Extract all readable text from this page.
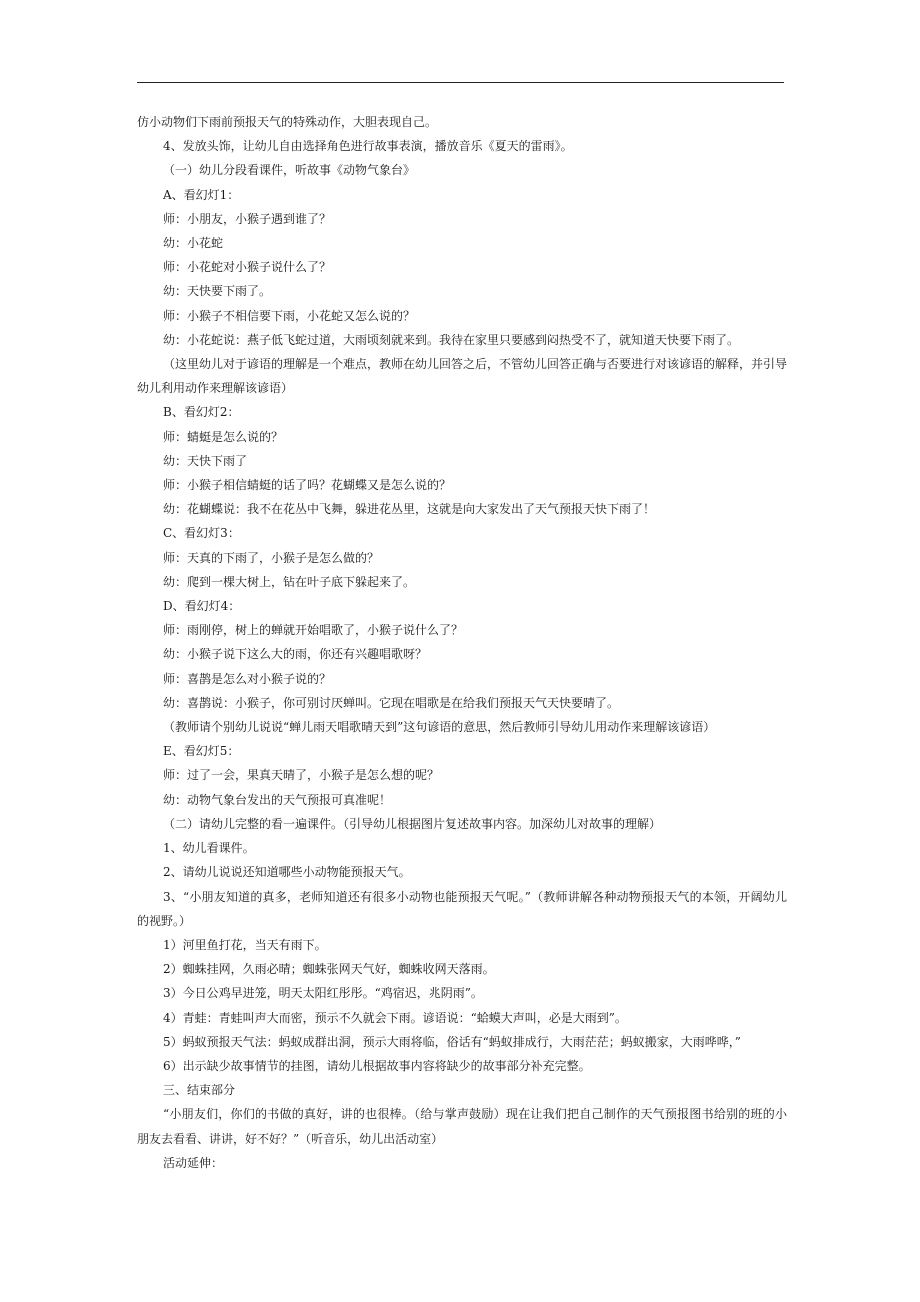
仿小动物们下雨前预报天气的特殊动作，大胆表现自己。
4、发放头饰，让幼儿自由选择角色进行故事表演，播放音乐《夏天的雷雨》。
（一）幼儿分段看课件，听故事《动物气象台》
A、看幻灯1：
师：小朋友，小猴子遇到谁了？
幼：小花蛇
师：小花蛇对小猴子说什么了？
幼：天快要下雨了。
师：小猴子不相信要下雨，小花蛇又怎么说的？
幼：小花蛇说：燕子低飞蛇过道，大雨顷刻就来到。我待在家里只要感到闷热受不了，就知道天快要下雨了。
（这里幼儿对于谚语的理解是一个难点，教师在幼儿回答之后，不管幼儿回答正确与否要进行对该谚语的解释，并引导幼儿利用动作来理解该谚语）
B、看幻灯2：
师：蜻蜓是怎么说的？
幼：天快下雨了
师：小猴子相信蜻蜓的话了吗？花蝴蝶又是怎么说的？
幼：花蝴蝶说：我不在花丛中飞舞，躲进花丛里，这就是向大家发出了天气预报天快下雨了！
C、看幻灯3：
师：天真的下雨了，小猴子是怎么做的？
幼：爬到一棵大树上，钻在叶子底下躲起来了。
D、看幻灯4：
师：雨刚停，树上的蝉就开始唱歌了，小猴子说什么了？
幼：小猴子说下这么大的雨，你还有兴趣唱歌呀？
师：喜鹊是怎么对小猴子说的？
幼：喜鹊说：小猴子，你可别讨厌蝉叫。它现在唱歌是在给我们预报天气天快要晴了。
（教师请个别幼儿说说“蝉儿雨天唱歌晴天到”这句谚语的意思，然后教师引导幼儿用动作来理解该谚语）
E、看幻灯5：
师：过了一会，果真天晴了，小猴子是怎么想的呢？
幼：动物气象台发出的天气预报可真准呢！
（二）请幼儿完整的看一遍课件。（引导幼儿根据图片复述故事内容。加深幼儿对故事的理解）
1、幼儿看课件。
2、请幼儿说说还知道哪些小动物能预报天气。
3、“小朋友知道的真多，老师知道还有很多小动物也能预报天气呢。”（教师讲解各种动物预报天气的本领，开阔幼儿的视野。）
1）河里鱼打花，当天有雨下。
2）蜘蛛挂网，久雨必晴；蜘蛛张网天气好，蜘蛛收网天落雨。
3）今日公鸡早进笼，明天太阳红彤彤。“鸡宿迟，兆阴雨”。
4）青蛙：青蛙叫声大而密，预示不久就会下雨。谚语说：“蛤蟆大声叫，必是大雨到”。
5）蚂蚁预报天气法：蚂蚁成群出洞，预示大雨将临，俗话有“蚂蚁排成行，大雨茫茫；蚂蚁搬家，大雨哗哗，”
6）出示缺少故事情节的挂图，请幼儿根据故事内容将缺少的故事部分补充完整。
三、结束部分
“小朋友们，你们的书做的真好，讲的也很棒。（给与掌声鼓励）现在让我们把自己制作的天气预报图书给别的班的小朋友去看看、讲讲，好不好？”（听音乐，幼儿出活动室）
活动延伸：
